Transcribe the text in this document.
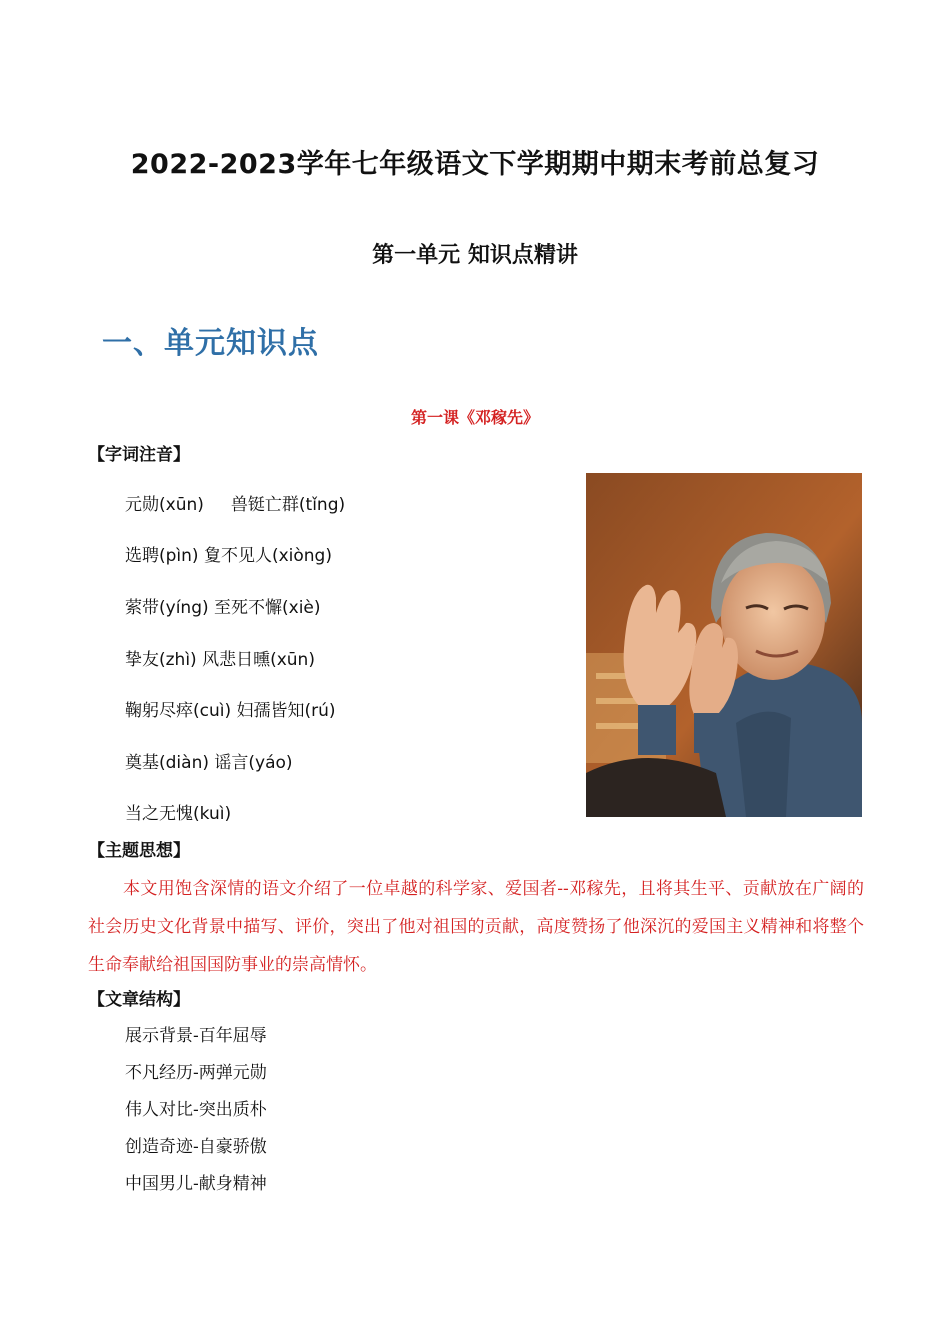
2022-2023学年七年级语文下学期期中期末考前总复习
第一单元 知识点精讲
一、单元知识点
第一课《邓稼先》
【字词注音】
元勋(xūn)     兽铤亡群(tǐng)
选聘(pìn) 夐不见人(xiòng)
萦带(yíng) 至死不懈(xiè)
挚友(zhì) 风悲日曛(xūn)
鞠躬尽瘁(cuì) 妇孺皆知(rú)
奠基(diàn) 谣言(yáo)
当之无愧(kuì)
【主题思想】
本文用饱含深情的语文介绍了一位卓越的科学家、爱国者--邓稼先，且将其生平、贡献放在广阔的社会历史文化背景中描写、评价，突出了他对祖国的贡献，高度赞扬了他深沉的爱国主义精神和将整个生命奉献给祖国国防事业的崇高情怀。
【文章结构】
展示背景-百年屈辱
不凡经历-两弹元勋
伟人对比-突出质朴
创造奇迹-自豪骄傲
中国男儿-献身精神
